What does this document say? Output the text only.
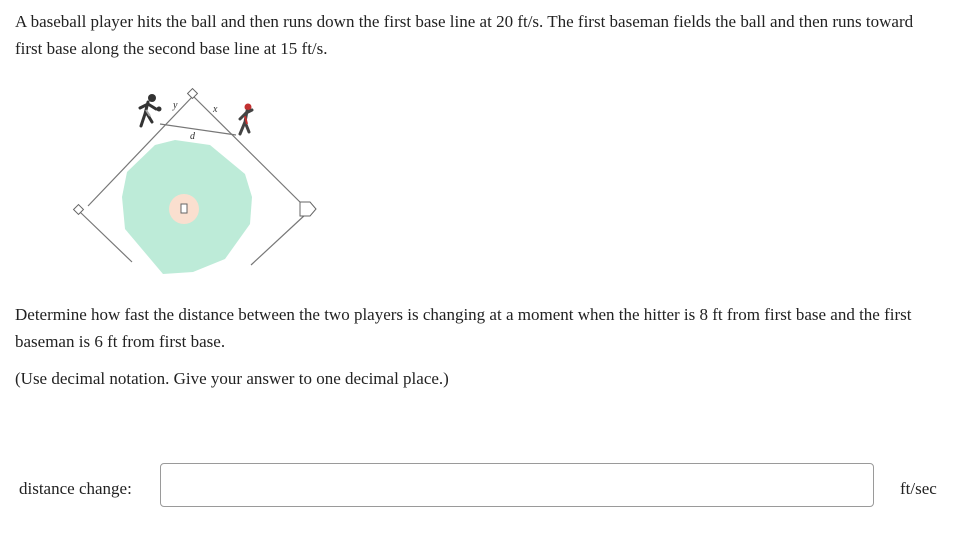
A baseball player hits the ball and then runs down the first base line at 20 ft/s. The first baseman fields the ball and then runs toward first base along the second base line at 15 ft/s.

y	x
d

Determine how fast the distance between the two players is changing at a moment when the hitter is 8 ft from first base and the first baseman is 6 ft from first base.

(Use decimal notation. Give your answer to one decimal place.)

distance change:	ft/sec
